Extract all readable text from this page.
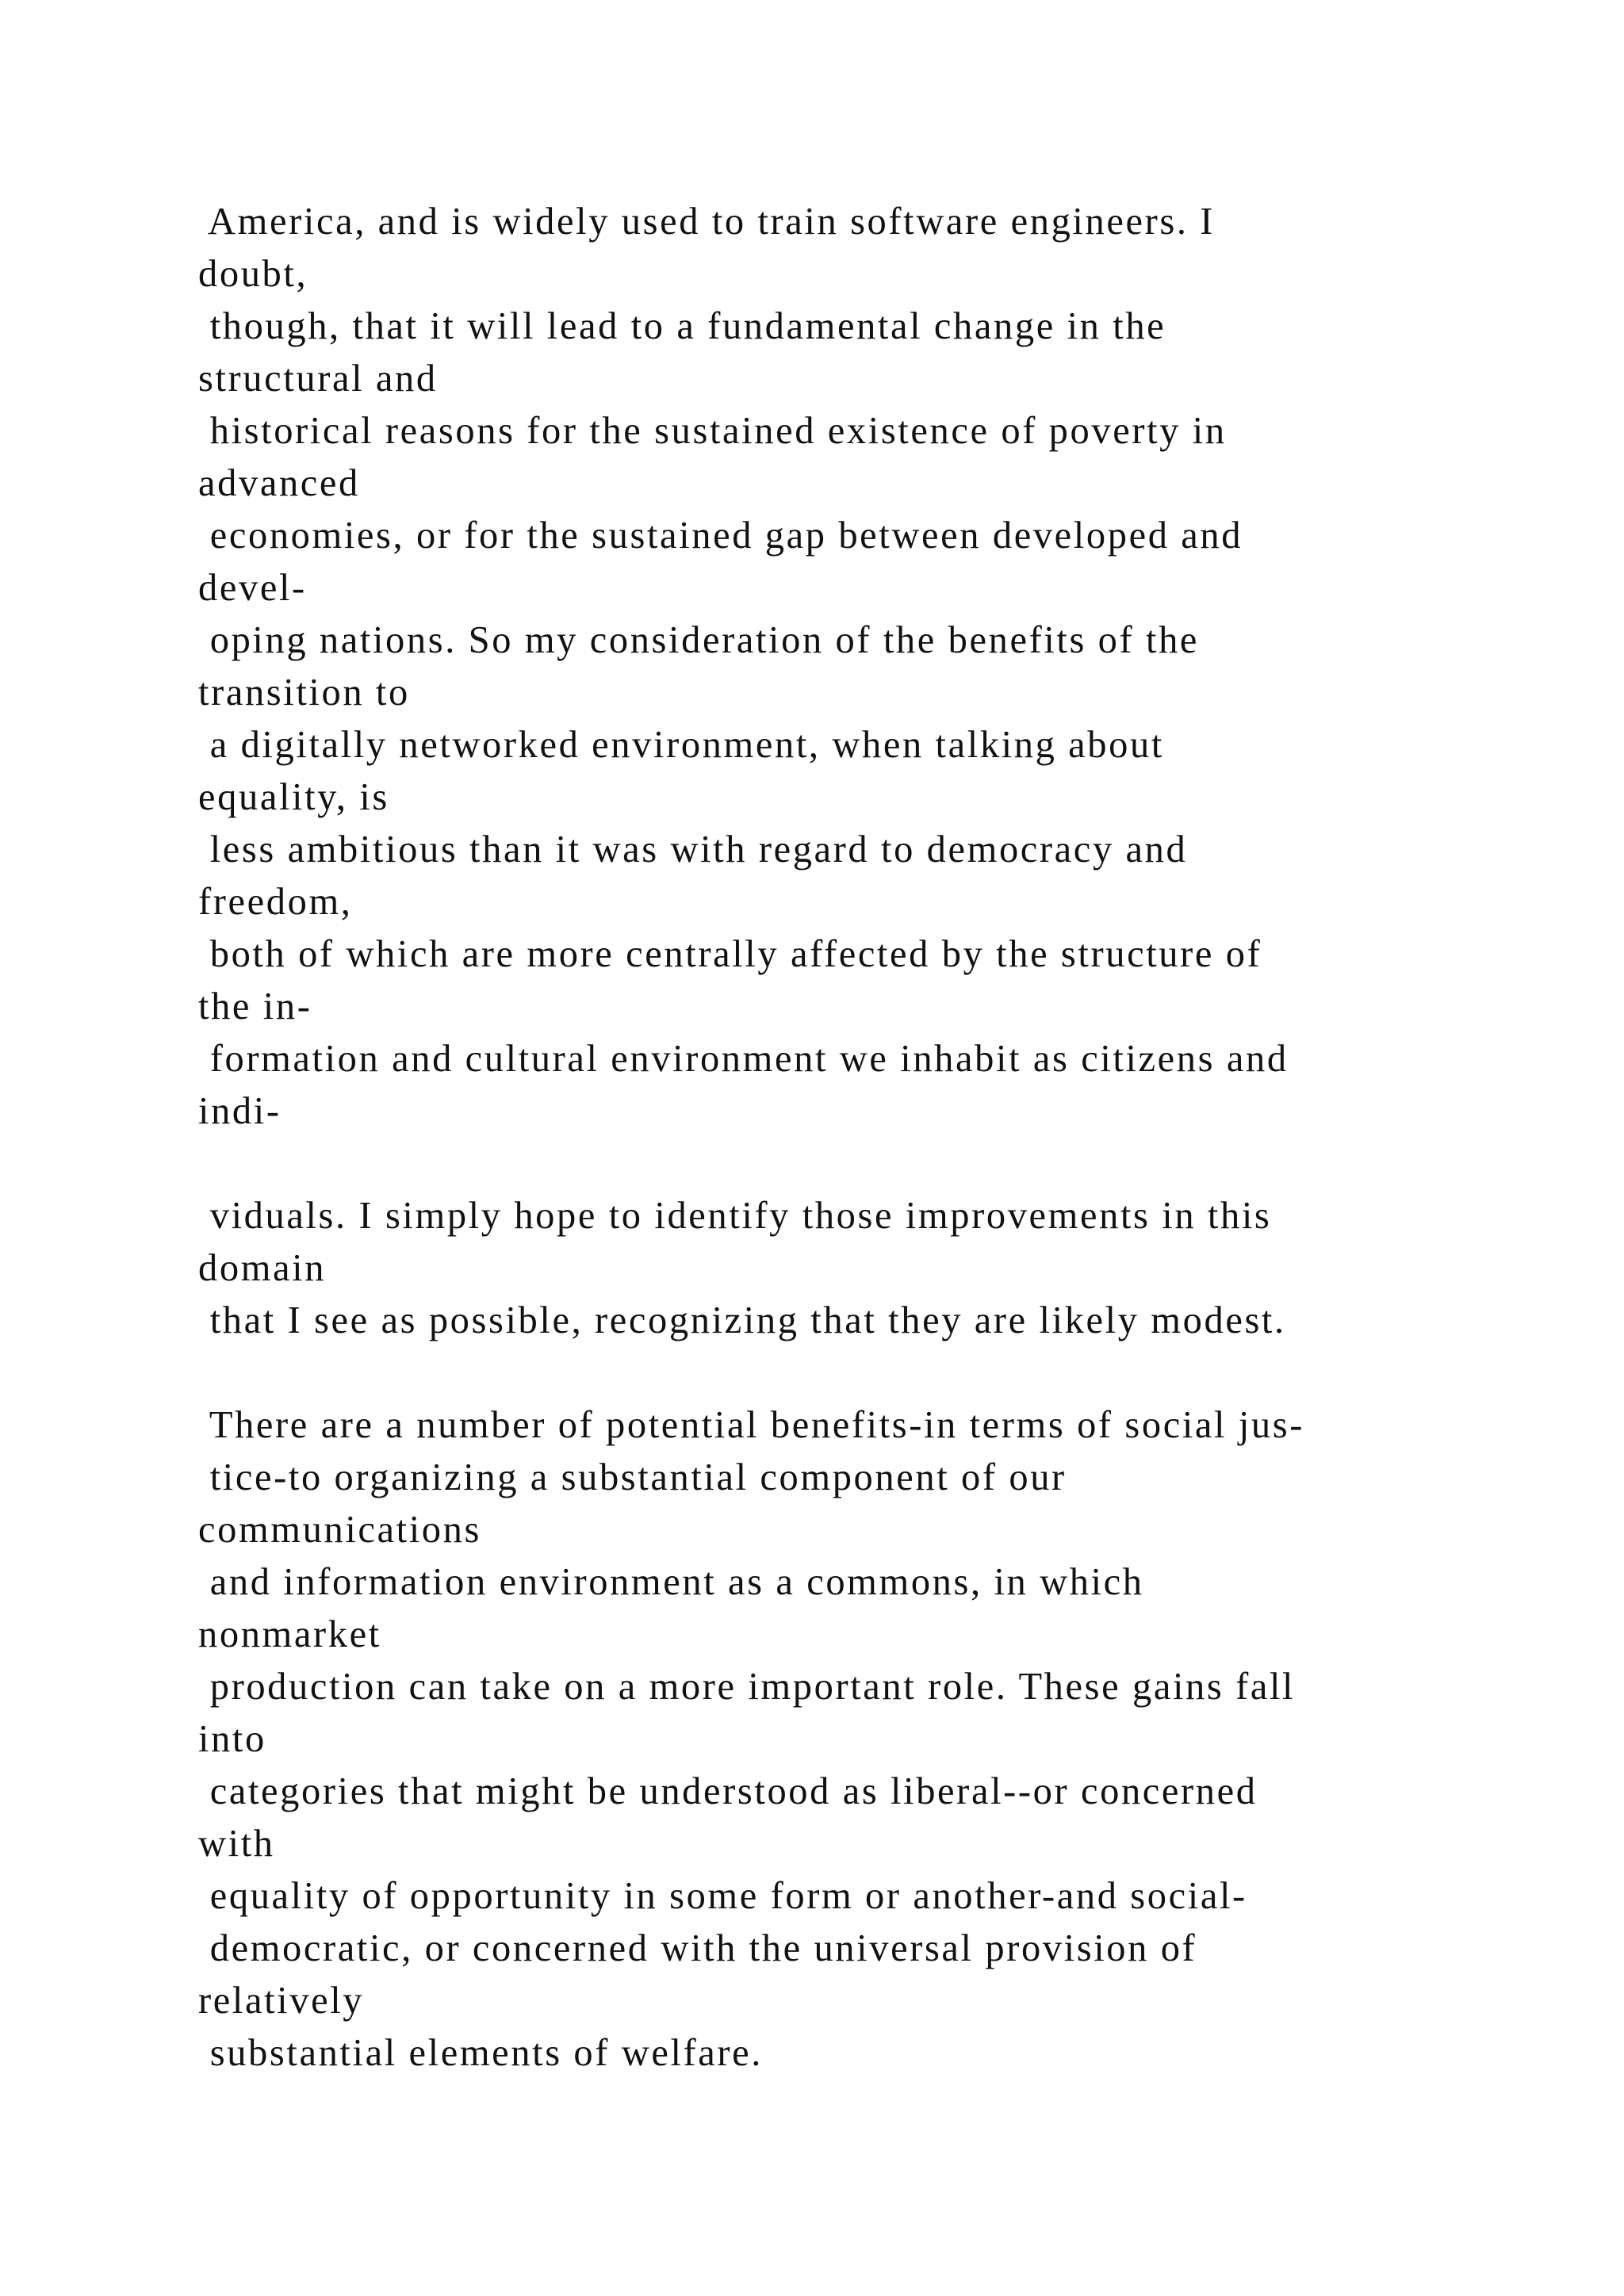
America, and is widely used to train software engineers. I

doubt,

though, that it will lead to a fundamental change in the

structural and

historical reasons for the sustained existence of poverty in

advanced

economies, or for the sustained gap between developed and

devel-

oping nations. So my consideration of the benefits of the

transition to

a digitally networked environment, when talking about

equality, is

less ambitious than it was with regard to democracy and

freedom,

both of which are more centrally affected by the structure of

the in-

formation and cultural environment we inhabit as citizens and

indi-

viduals. I simply hope to identify those improvements in this

domain

that I see as possible, recognizing that they are likely modest.

There are a number of potential benefits-in terms of social jus-

tice-to organizing a substantial component of our

communications

and information environment as a commons, in which

nonmarket

production can take on a more important role. These gains fall

into

categories that might be understood as liberal--or concerned

with

equality of opportunity in some form or another-and social-

democratic, or concerned with the universal provision of

relatively

substantial elements of welfare.
